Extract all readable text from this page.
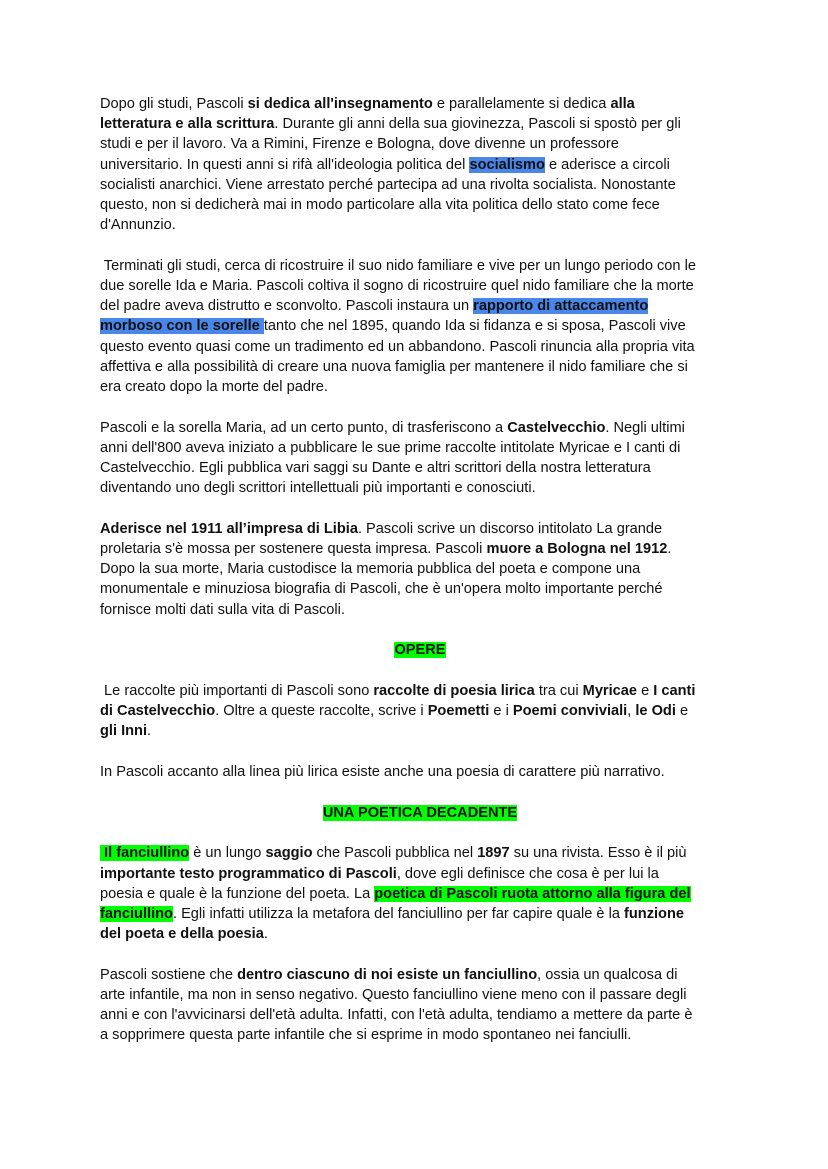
Dopo gli studi, Pascoli si dedica all'insegnamento e parallelamente si dedica alla
letteratura e alla scrittura. Durante gli anni della sua giovinezza, Pascoli si spostò per gli
studi e per il lavoro. Va a Rimini, Firenze e Bologna, dove divenne un professore
universitario. In questi anni si rifà all'ideologia politica del socialismo e aderisce a circoli
socialisti anarchici. Viene arrestato perché partecipa ad una rivolta socialista. Nonostante
questo, non si dedicherà mai in modo particolare alla vita politica dello stato come fece
d'Annunzio.
Terminati gli studi, cerca di ricostruire il suo nido familiare e vive per un lungo periodo con le
due sorelle Ida e Maria. Pascoli coltiva il sogno di ricostruire quel nido familiare che la morte
del padre aveva distrutto e sconvolto. Pascoli instaura un rapporto di attaccamento
morboso con le sorelle tanto che nel 1895, quando Ida si fidanza e si sposa, Pascoli vive
questo evento quasi come un tradimento ed un abbandono. Pascoli rinuncia alla propria vita
affettiva e alla possibilità di creare una nuova famiglia per mantenere il nido familiare che si
era creato dopo la morte del padre.
Pascoli e la sorella Maria, ad un certo punto, di trasferiscono a Castelvecchio. Negli ultimi
anni dell'800 aveva iniziato a pubblicare le sue prime raccolte intitolate Myricae e I canti di
Castelvecchio. Egli pubblica vari saggi su Dante e altri scrittori della nostra letteratura
diventando uno degli scrittori intellettuali più importanti e conosciuti.
Aderisce nel 1911 all’impresa di Libia. Pascoli scrive un discorso intitolato La grande
proletaria s'è mossa per sostenere questa impresa. Pascoli muore a Bologna nel 1912.
Dopo la sua morte, Maria custodisce la memoria pubblica del poeta e compone una
monumentale e minuziosa biografia di Pascoli, che è un'opera molto importante perché
fornisce molti dati sulla vita di Pascoli.
OPERE
Le raccolte più importanti di Pascoli sono raccolte di poesia lirica tra cui Myricae e I canti
di Castelvecchio. Oltre a queste raccolte, scrive i Poemetti e i Poemi conviviali, le Odi e
gli Inni.
In Pascoli accanto alla linea più lirica esiste anche una poesia di carattere più narrativo.
UNA POETICA DECADENTE
Il fanciullino è un lungo saggio che Pascoli pubblica nel 1897 su una rivista. Esso è il più
importante testo programmatico di Pascoli, dove egli definisce che cosa è per lui la
poesia e quale è la funzione del poeta. La poetica di Pascoli ruota attorno alla figura del
fanciullino. Egli infatti utilizza la metafora del fanciullino per far capire quale è la funzione
del poeta e della poesia.
Pascoli sostiene che dentro ciascuno di noi esiste un fanciullino, ossia un qualcosa di
arte infantile, ma non in senso negativo. Questo fanciullino viene meno con il passare degli
anni e con l'avvicinarsi dell'età adulta. Infatti, con l'età adulta, tendiamo a mettere da parte è
a sopprimere questa parte infantile che si esprime in modo spontaneo nei fanciulli.
